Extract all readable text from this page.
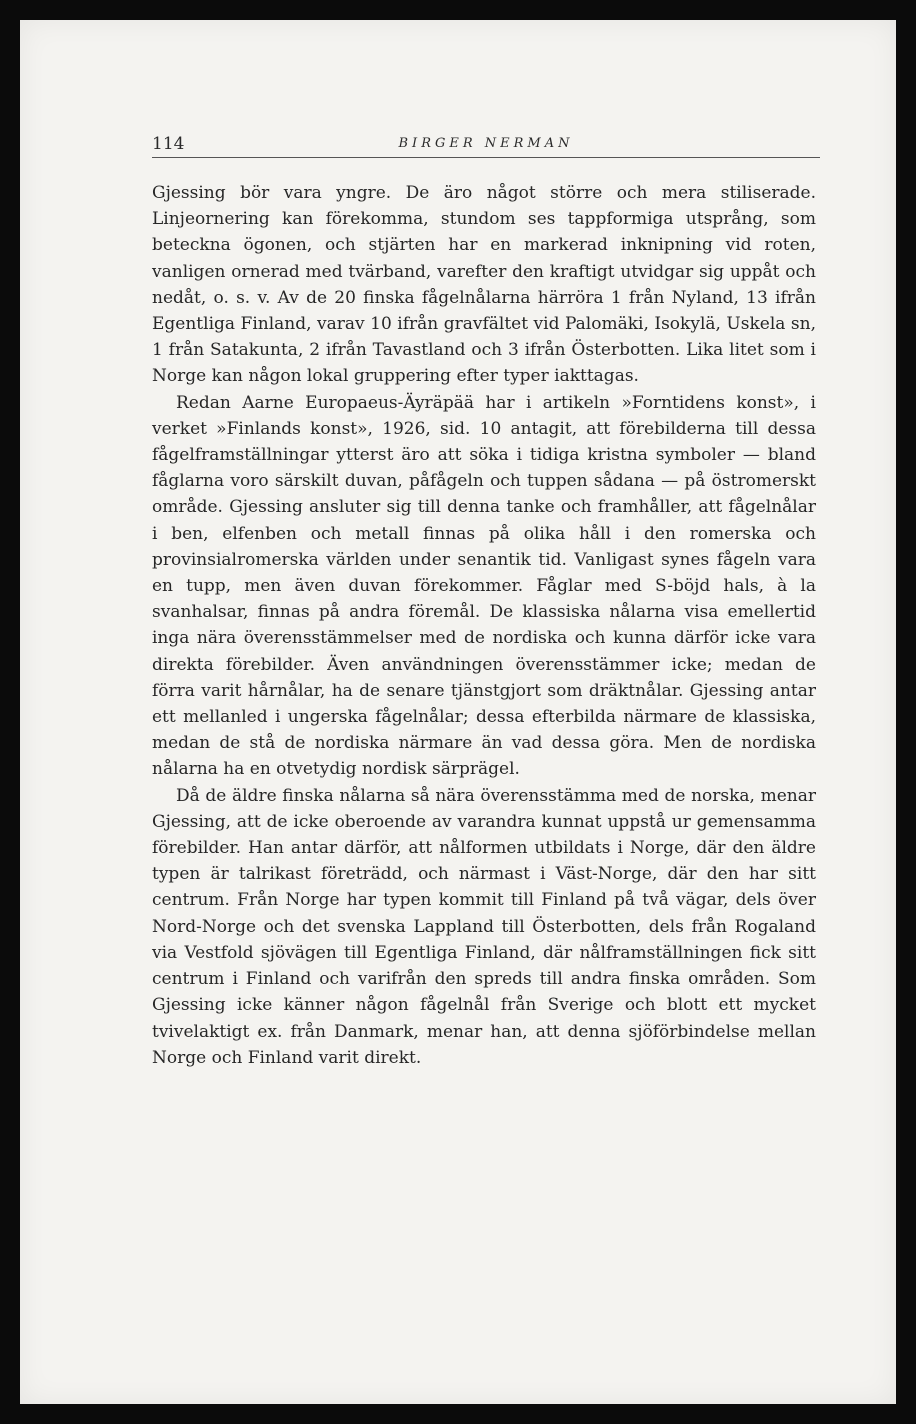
114	BIRGER NERMAN

Gjessing bör vara yngre. De äro något större och mera stiliserade. Linjeornering kan förekomma, stundom ses tappformiga utsprång, som beteckna ögonen, och stjärten har en markerad inknipning vid roten, vanligen ornerad med tvärband, varefter den kraftigt utvidgar sig uppåt och nedåt, o. s. v. Av de 20 finska fågelnålarna härröra 1 från Nyland, 13 ifrån Egentliga Finland, varav 10 ifrån gravfältet vid Palomäki, Isokylä, Uskela sn, 1 från Satakunta, 2 ifrån Tavastland och 3 ifrån Österbotten. Lika litet som i Norge kan någon lokal gruppering efter typer iakttagas.

Redan Aarne Europaeus-Äyräpää har i artikeln »Forntidens konst», i verket »Finlands konst», 1926, sid. 10 antagit, att förebilderna till dessa fågelframställningar ytterst äro att söka i tidiga kristna symboler — bland fåglarna voro särskilt duvan, påfågeln och tuppen sådana — på östromerskt område. Gjessing ansluter sig till denna tanke och framhåller, att fågelnålar i ben, elfenben och metall finnas på olika håll i den romerska och provinsialromerska världen under senantik tid. Vanligast synes fågeln vara en tupp, men även duvan förekommer. Fåglar med S-böjd hals, à la svanhalsar, finnas på andra föremål. De klassiska nålarna visa emellertid inga nära överensstämmelser med de nordiska och kunna därför icke vara direkta förebilder. Även användningen överensstämmer icke; medan de förra varit hårnålar, ha de senare tjänstgjort som dräktnålar. Gjessing antar ett mellanled i ungerska fågelnålar; dessa efterbilda närmare de klassiska, medan de stå de nordiska närmare än vad dessa göra. Men de nordiska nålarna ha en otvetydig nordisk särprägel.

Då de äldre finska nålarna så nära överensstämma med de norska, menar Gjessing, att de icke oberoende av varandra kunnat uppstå ur gemensamma förebilder. Han antar därför, att nålformen utbildats i Norge, där den äldre typen är talrikast företrädd, och närmast i Väst-Norge, där den har sitt centrum. Från Norge har typen kommit till Finland på två vägar, dels över Nord-Norge och det svenska Lappland till Österbotten, dels från Rogaland via Vestfold sjövägen till Egentliga Finland, där nålframställningen fick sitt centrum i Finland och varifrån den spreds till andra finska områden. Som Gjessing icke känner någon fågelnål från Sverige och blott ett mycket tvivelaktigt ex. från Danmark, menar han, att denna sjöförbindelse mellan Norge och Finland varit direkt.
